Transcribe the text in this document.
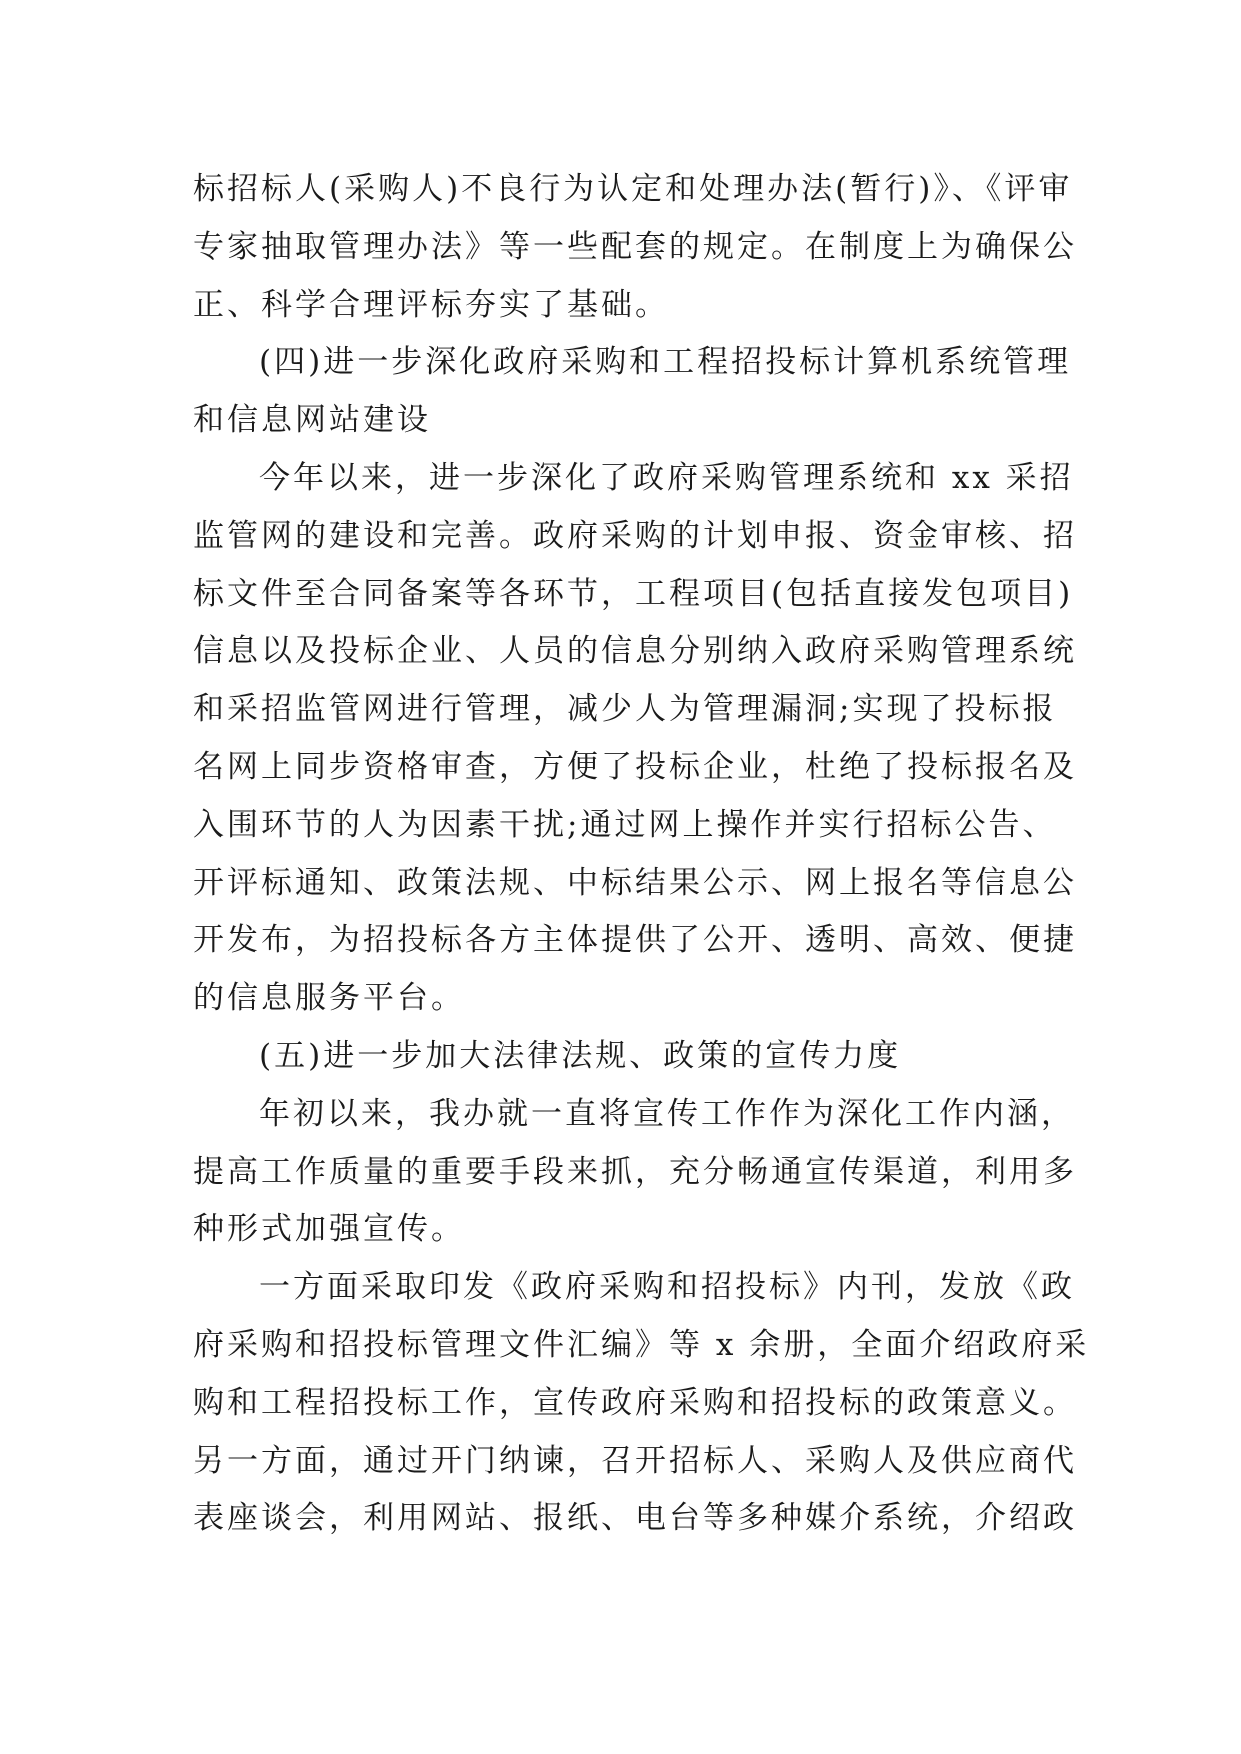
标招标人(采购人)不良行为认定和处理办法(暂行)》、《评审
专家抽取管理办法》等一些配套的规定。在制度上为确保公
正、科学合理评标夯实了基础。
(四)进一步深化政府采购和工程招投标计算机系统管理
和信息网站建设
今年以来，进一步深化了政府采购管理系统和 xx 采招
监管网的建设和完善。政府采购的计划申报、资金审核、招
标文件至合同备案等各环节，工程项目(包括直接发包项目)
信息以及投标企业、人员的信息分别纳入政府采购管理系统
和采招监管网进行管理，减少人为管理漏洞;实现了投标报
名网上同步资格审查，方便了投标企业，杜绝了投标报名及
入围环节的人为因素干扰;通过网上操作并实行招标公告、
开评标通知、政策法规、中标结果公示、网上报名等信息公
开发布，为招投标各方主体提供了公开、透明、高效、便捷
的信息服务平台。
(五)进一步加大法律法规、政策的宣传力度
年初以来，我办就一直将宣传工作作为深化工作内涵，
提高工作质量的重要手段来抓，充分畅通宣传渠道，利用多
种形式加强宣传。
一方面采取印发《政府采购和招投标》内刊，发放《政
府采购和招投标管理文件汇编》等 x 余册，全面介绍政府采
购和工程招投标工作，宣传政府采购和招投标的政策意义。
另一方面，通过开门纳谏，召开招标人、采购人及供应商代
表座谈会，利用网站、报纸、电台等多种媒介系统，介绍政
